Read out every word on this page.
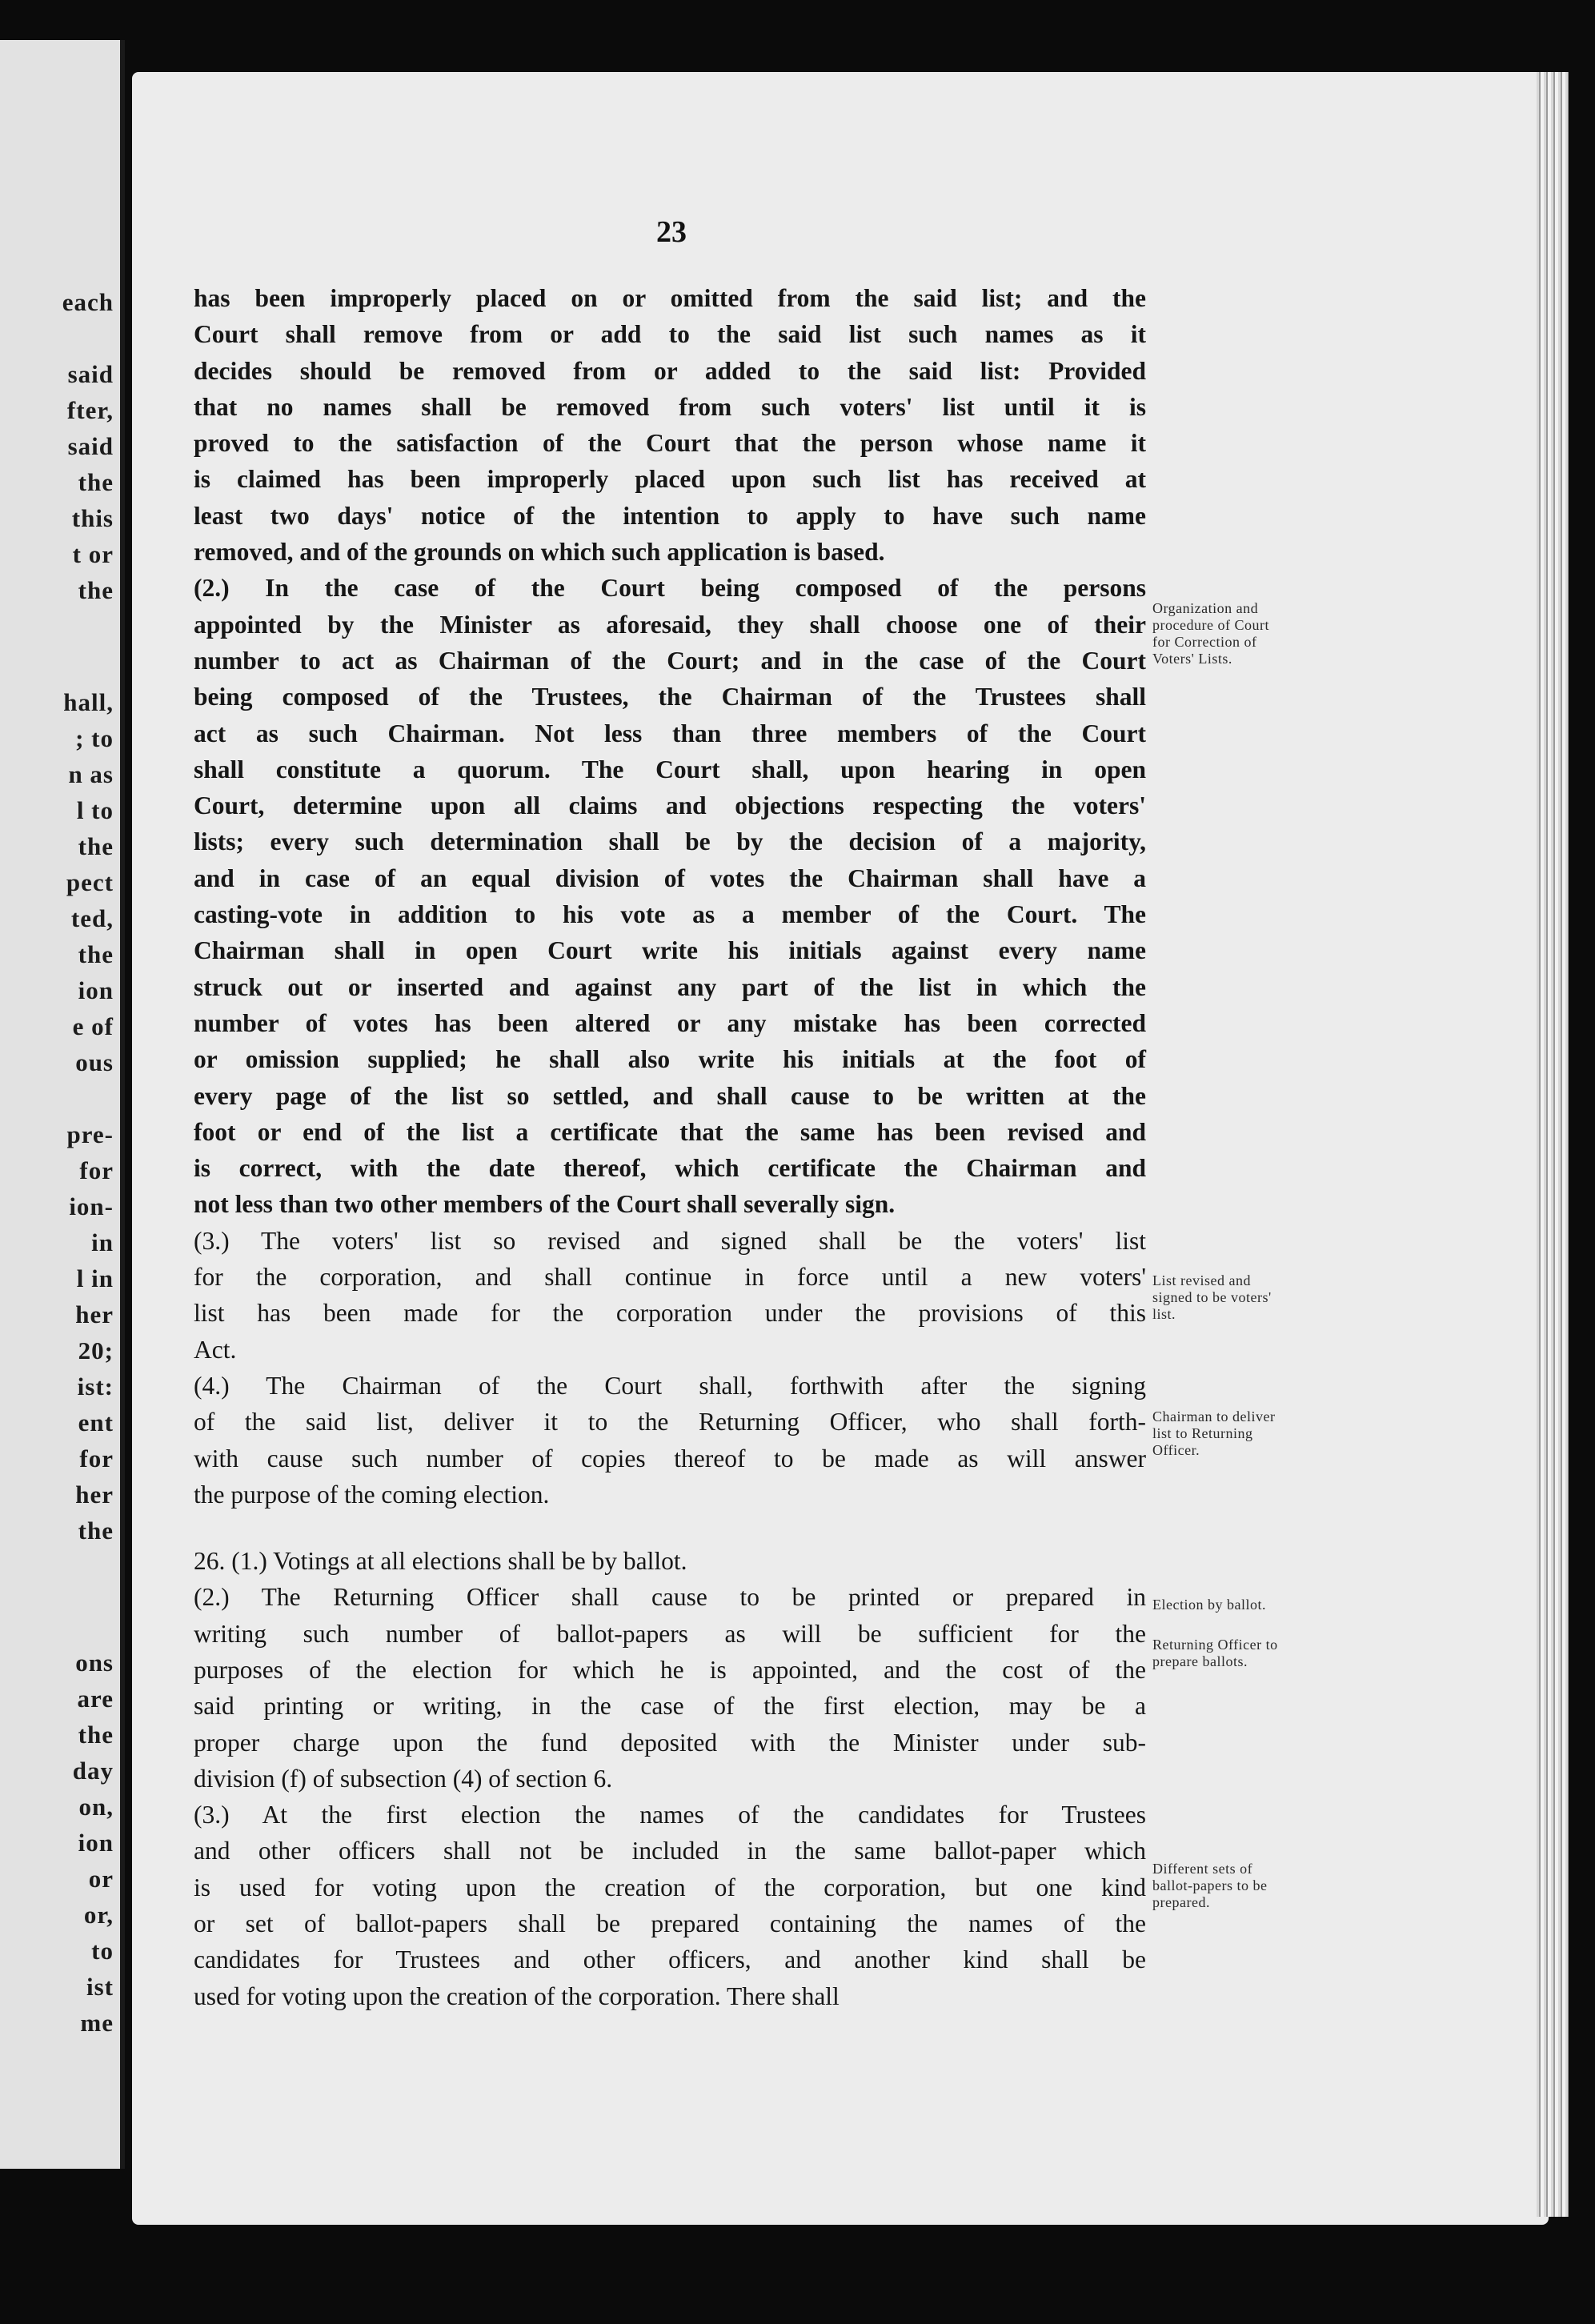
each
said
fter,
said
the
this
t or
the
hall,
; to
n as
l to
the
pect
ted,
the
ion
e of
ous
pre-
for
ion-
in
l in
her
20;
ist:
ent
for
her
the
ons
are
the
day
on,
ion
or
or,
to
ist
me
23
has been improperly placed on or omitted from the said list; and the
Court shall remove from or add to the said list such names as it
decides should be removed from or added to the said list: Provided
that no names shall be removed from such voters' list until it is
proved to the satisfaction of the Court that the person whose name it
is claimed has been improperly placed upon such list has received at
least two days' notice of the intention to apply to have such name
removed, and of the grounds on which such application is based.
(2.) In the case of the Court being composed of the persons
appointed by the Minister as aforesaid, they shall choose one of their
number to act as Chairman of the Court; and in the case of the Court
being composed of the Trustees, the Chairman of the Trustees shall
act as such Chairman. Not less than three members of the Court
shall constitute a quorum. The Court shall, upon hearing in open
Court, determine upon all claims and objections respecting the voters'
lists; every such determination shall be by the decision of a majority,
and in case of an equal division of votes the Chairman shall have a
casting-vote in addition to his vote as a member of the Court. The
Chairman shall in open Court write his initials against every name
struck out or inserted and against any part of the list in which the
number of votes has been altered or any mistake has been corrected
or omission supplied; he shall also write his initials at the foot of
every page of the list so settled, and shall cause to be written at the
foot or end of the list a certificate that the same has been revised and
is correct, with the date thereof, which certificate the Chairman and
not less than two other members of the Court shall severally sign.
(3.) The voters' list so revised and signed shall be the voters' list
for the corporation, and shall continue in force until a new voters'
list has been made for the corporation under the provisions of this
Act.
(4.) The Chairman of the Court shall, forthwith after the signing
of the said list, deliver it to the Returning Officer, who shall forth-
with cause such number of copies thereof to be made as will answer
the purpose of the coming election.
26. (1.) Votings at all elections shall be by ballot.
(2.) The Returning Officer shall cause to be printed or prepared in
writing such number of ballot-papers as will be sufficient for the
purposes of the election for which he is appointed, and the cost of the
said printing or writing, in the case of the first election, may be a
proper charge upon the fund deposited with the Minister under sub-
division (f) of subsection (4) of section 6.
(3.) At the first election the names of the candidates for Trustees
and other officers shall not be included in the same ballot-paper which
is used for voting upon the creation of the corporation, but one kind
or set of ballot-papers shall be prepared containing the names of the
candidates for Trustees and other officers, and another kind shall be
used for voting upon the creation of the corporation. There shall
Organization and
procedure of Court
for Correction of
Voters' Lists.
List revised and
signed to be voters'
list.
Chairman to deliver
list to Returning
Officer.
Election by ballot.
Returning Officer to
prepare ballots.
Different sets of
ballot-papers to be
prepared.
